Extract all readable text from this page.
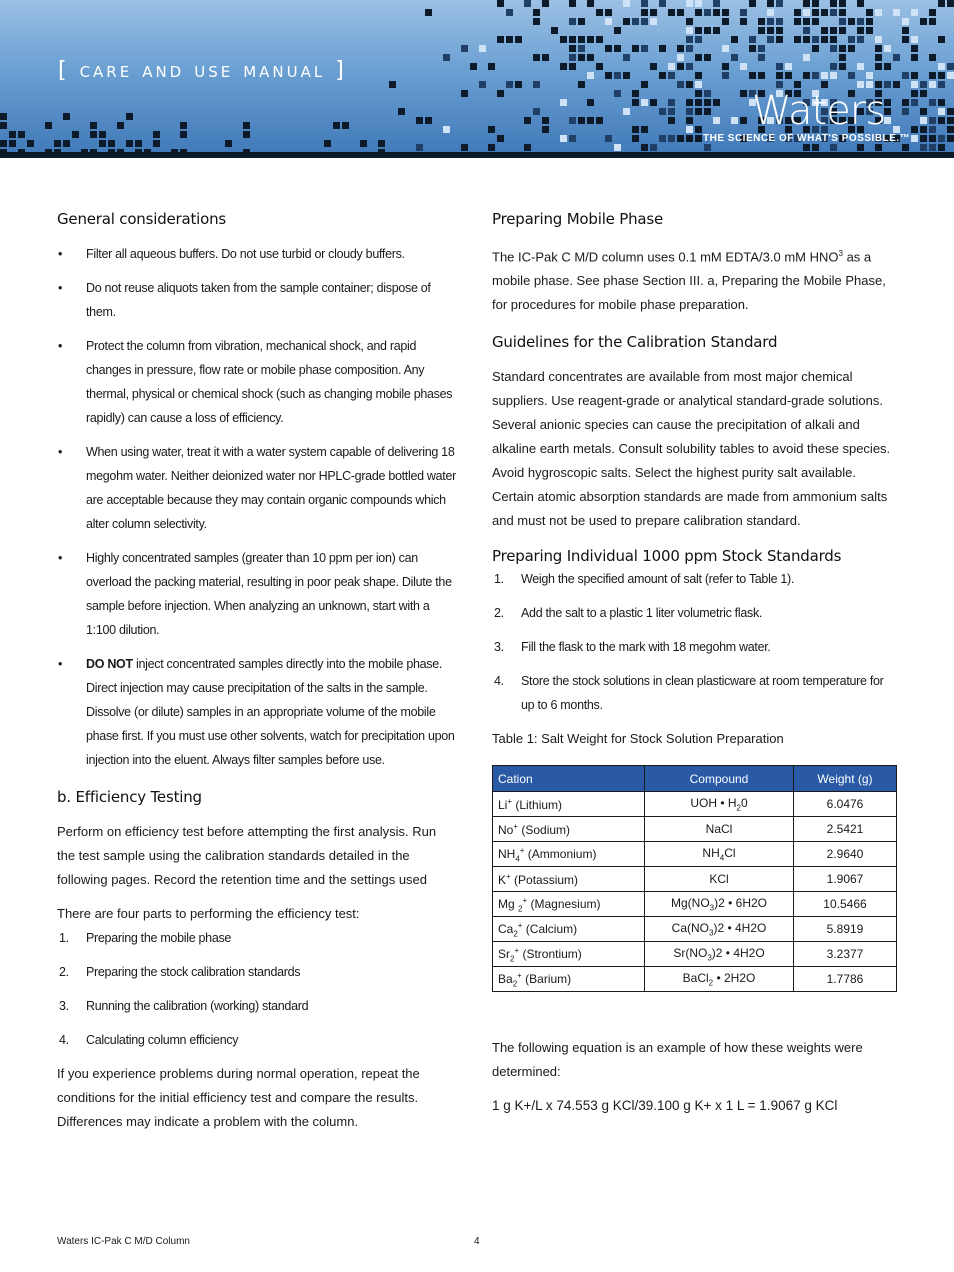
[ care and use manual ]
Waters
THE SCIENCE OF WHAT'S POSSIBLE.™
General considerations
• Filter all aqueous buffers. Do not use turbid or cloudy buffers.
• Do not reuse aliquots taken from the sample container; dispose of them.
• Protect the column from vibration, mechanical shock, and rapid changes in pressure, flow rate or mobile phase composition. Any thermal, physical or chemical shock (such as changing mobile phases rapidly) can cause a loss of efficiency.
• When using water, treat it with a water system capable of delivering 18 megohm water. Neither deionized water nor HPLC-grade bottled water are acceptable because they may contain organic compounds which alter column selectivity.
• Highly concentrated samples (greater than 10 ppm per ion) can overload the packing material, resulting in poor peak shape. Dilute the sample before injection. When analyzing an unknown, start with a 1:100 dilution.
• DO NOT inject concentrated samples directly into the mobile phase. Direct injection may cause precipitation of the salts in the sample. Dissolve (or dilute) samples in an appropriate volume of the mobile phase first. If you must use other solvents, watch for precipitation upon injection into the eluent. Always filter samples before use.
b. Efficiency Testing

Perform on efficiency test before attempting the first analysis. Run the test sample using the calibration standards detailed in the following pages. Record the retention time and the settings used

There are four parts to performing the efficiency test:

1. Preparing the mobile phase
2. Preparing the stock calibration standards
3. Running the calibration (working) standard
4. Calculating column efficiency

If you experience problems during normal operation, repeat the conditions for the initial efficiency test and compare the results. Differences may indicate a problem with the column.

Preparing Mobile Phase

The IC-Pak C M/D column uses 0.1 mM EDTA/3.0 mM HNO$^3$ as a mobile phase. See phase Section III. a, Preparing the Mobile Phase, for procedures for mobile phase preparation.

Guidelines for the Calibration Standard

Standard concentrates are available from most major chemical suppliers. Use reagent-grade or analytical standard-grade solutions. Several anionic species can cause the precipitation of alkali and alkaline earth metals. Consult solubility tables to avoid these species. Avoid hygroscopic salts. Select the highest purity salt available. Certain atomic absorption standards are made from ammonium salts and must not be used to prepare calibration standard.

Preparing Individual 1000 ppm Stock Standards
1. Weigh the specified amount of salt (refer to Table 1).
2. Add the salt to a plastic 1 liter volumetric flask.
3. Fill the flask to the mark with 18 megohm water.
4. Store the stock solutions in clean plasticware at room temperature for up to 6 months.

Table 1: Salt Weight for Stock Solution Preparation

Cation	Compound	Weight (g)
Li+ (Lithium)	UOH • $H_20$	6.0476
No+ (Sodium)	NaCl	2.5421
$NH_4^+$ (Ammonium)	$NH_4Cl$	2.9640
K+ (Potassium)	KCl	1.9067
Mg $_2$+ (Magnesium)	$Mg(NO_3)2$ • 6H2O	10.5466
$Ca_2^+$ (Calcium)	$Ca(NO_3)2$ • 4H2O	5.8919
$Sr_2^+$ (Strontium)	$Sr(NO_3)2$ • 4H2O	3.2377
$Ba_2^+$ (Barium)	BaCl$_2$ • 2H2O	1.7786

The following equation is an example of how these weights were determined:

1 g K+/L x 74.553 g KCl/39.100 g K+ x 1 L = 1.9067 g KCl

Waters IC-Pak C M/D Column	4
